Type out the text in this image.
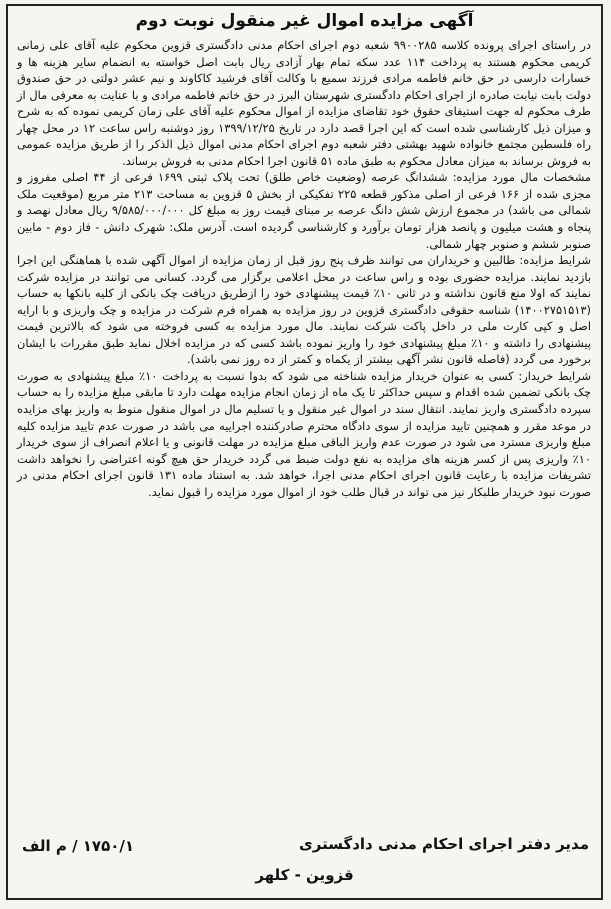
آگهی مزایده اموال غیر منقول نوبت دوم

در راستای اجرای پرونده کلاسه ۹۹۰۰۲۸۵ شعبه دوم اجرای احکام مدنی دادگستری قزوین محکوم علیه آقای علی زمانی کریمی محکوم هستند به پرداخت ۱۱۴ عدد سکه تمام بهار آزادی ریال بابت اصل خواسته به انضمام سایر هزینه ها و خسارات دارسی در حق خانم فاطمه مرادی فرزند سمیع با وکالت آقای فرشید کاکاوند و نیم عشر دولتی در حق صندوق دولت بابت نیابت صادره از اجرای احکام دادگستری شهرستان البرز در حق خانم فاطمه مرادی و با عنایت به معرفی مال از طرف محکوم له جهت استیفای حقوق خود تقاضای مزایده از اموال محکوم علیه آقای علی زمان کریمی نموده که به شرح و میزان ذیل کارشناسی شده است که این اجرا قصد دارد در تاریخ ۱۳۹۹/۱۲/۲۵ روز دوشنبه راس ساعت ۱۲ در محل چهار راه فلسطین مجتمع خانواده شهید بهشتی دفتر شعبه دوم اجرای احکام مدنی اموال ذیل الذکر را از طریق مزایده عمومی به فروش برساند به میزان معادل محکوم به طبق ماده ۵۱ قانون اجرا احکام مدنی به فروش برساند.

مشخصات مال مورد مزایده: ششدانگ عرصه (وضعیت خاص طلق) تحت پلاک ثبتی ۱۶۹۹ فرعی از ۴۴ اصلی مفروز و مجزی شده از ۱۶۶ فرعی از اصلی مذکور قطعه ۲۲۵ تفکیکی از بخش ۵ قزوین به مساحت ۲۱۳ متر مربع (موقعیت ملک شمالی می باشد) در مجموع ارزش شش دانگ عرصه بر مبنای قیمت روز به مبلغ کل ۹/۵۸۵/۰۰۰/۰۰۰ ریال معادل نهصد و پنجاه و هشت میلیون و پانصد هزار تومان برآورد و کارشناسی گردیده است. آدرس ملک: شهرک دانش - فاز دوم - مابین صنوبر ششم و صنوبر چهار شمالی.

شرایط مزایده: طالبین و خریداران می توانند ظرف پنج روز قبل از زمان مزایده از اموال آگهی شده با هماهنگی این اجرا بازدید نمایند. مزایده حضوری بوده و راس ساعت در محل اعلامی برگزار می گردد. کسانی می توانند در مزایده شرکت نمایند که اولا منع قانون نداشته و در ثانی ۱۰٪ قیمت پیشنهادی خود را ازطریق دریافت چک بانکی از کلیه بانکها به حساب (۱۴۰۰۲۷۵۱۵۱۳) شناسه حقوقی دادگستری قزوین در روز مزایده به همراه فرم شرکت در مزایده و چک واریزی و با ارایه اصل و کپی کارت ملی در داخل پاکت شرکت نمایند. مال مورد مزایده به کسی فروخته می شود که بالاترین قیمت پیشنهادی را داشته و ۱۰٪ مبلغ پیشنهادی خود را واریز نموده باشد کسی که در مزایده اخلال نماید طبق مقررات با ایشان برخورد می گردد (فاصله قانون نشر آگهی بیشتر از یکماه و کمتر از ده روز نمی باشد).

شرایط خریدار: کسی به عنوان خریدار مزایده شناخته می شود که بدوا نسبت به پرداخت ۱۰٪ مبلغ پیشنهادی به صورت چک بانکی تضمین شده اقدام و سپس حداکثر تا یک ماه از زمان انجام مزایده مهلت دارد تا مابقی مبلغ مزایده را به حساب سپرده دادگستری واریز نمایند. انتقال سند در اموال غیر منقول و یا تسلیم مال در اموال منقول منوط به واریز بهای مزایده در موعد مقرر و همچنین تایید مزایده از سوی دادگاه محترم صادرکننده اجراییه می باشد در صورت عدم تایید مزایده کلیه مبلغ واریزی مسترد می شود در صورت عدم واریز الباقی مبلغ مزایده در مهلت قانونی و یا اعلام انصراف از سوی خریدار ۱۰٪ واریزی پس از کسر هزینه های مزایده به نفع دولت ضبط می گردد خریدار حق هیچ گونه اعتراضی را نخواهد داشت تشریفات مزایده با رعایت قانون اجرای احکام مدنی اجرا، خواهد شد. به استناد ماده ۱۳۱ قانون اجرای احکام مدنی در صورت نبود خریدار طلبکار نیز می تواند در قبال طلب خود از اموال مورد مزایده را قبول نماید.

مدیر دفتر اجرای احکام مدنی دادگستری
۱۷۵۰/۱ / م الف
قزوین - کلهر
